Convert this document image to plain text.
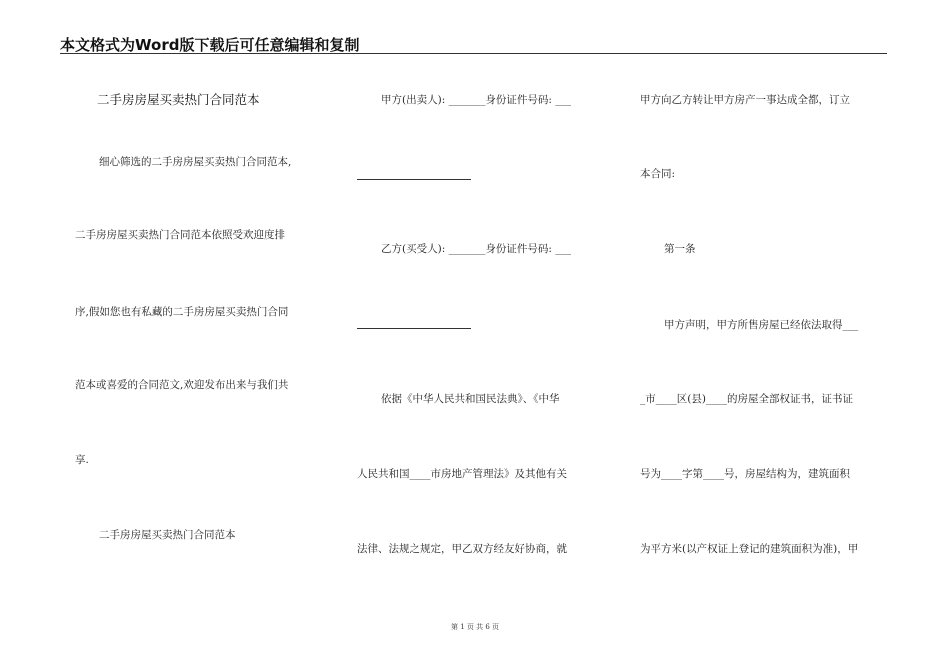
本文格式为Word版下载后可任意编辑和复制
二手房房屋买卖热门合同范本
细心筛选的二手房房屋买卖热门合同范本,
二手房房屋买卖热门合同范本依照受欢迎度排
序,假如您也有私藏的二手房房屋买卖热门合同
范本或喜爱的合同范文,欢迎发布出来与我们共
享.
二手房房屋买卖热门合同范本
甲方(出卖人): _______身份证件号码: ___
乙方(买受人): _______身份证件号码: ___
依据《中华人民共和国民法典》、《中华
人民共和国____市房地产管理法》及其他有关
法律、法规之规定，甲乙双方经友好协商，就
甲方向乙方转让甲方房产一事达成全都，订立
本合同:
第一条
甲方声明，甲方所售房屋已经依法取得___
_市____区(县)____的房屋全部权证书，证书证
号为____字第____号，房屋结构为，建筑面积
为平方米(以产权证上登记的建筑面积为准)，甲
第 1 页 共 6 页
